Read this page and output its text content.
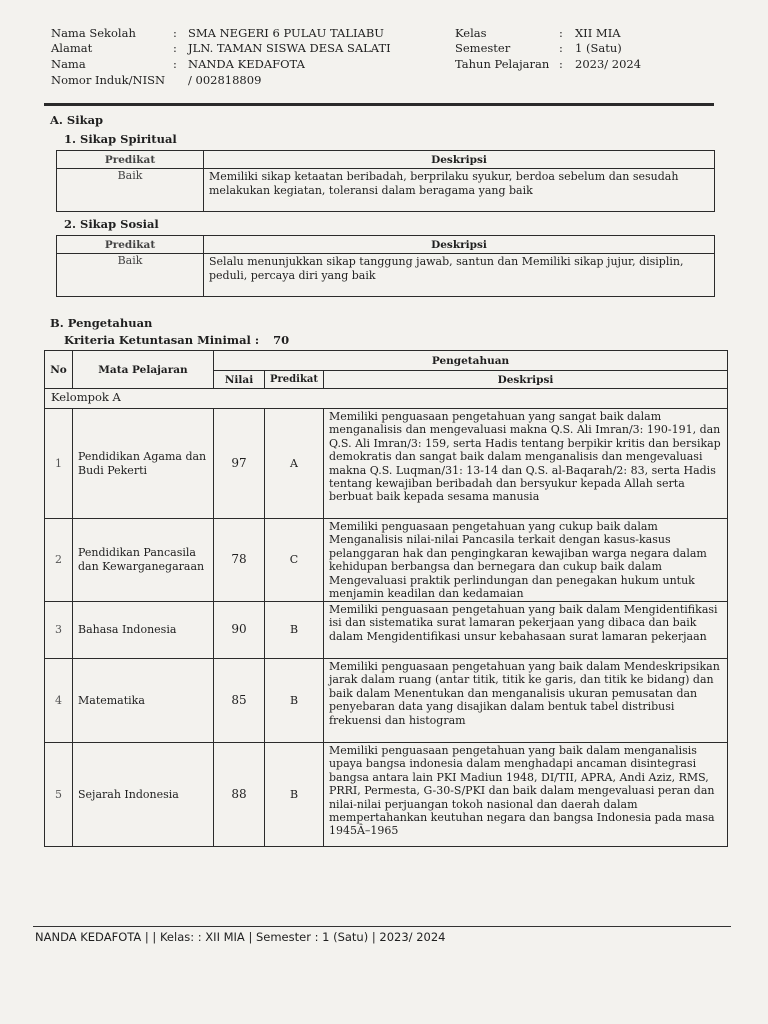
Nama Sekolah	: SMA NEGERI 6 PULAU TALIABU
Alamat	: JLN. TAMAN SISWA DESA SALATI
Nama	: NANDA KEDAFOTA
Nomor Induk/NISN / 002818809
Kelas	: XII MIA
Semester	: 1 (Satu)
Tahun Pelajaran : 2023/ 2024
A. Sikap
1. Sikap Spiritual
Predikat	Deskripsi
Baik	Memiliki sikap ketaatan beribadah, berprilaku syukur, berdoa sebelum dan sesudah melakukan kegiatan, toleransi dalam beragama yang baik
2. Sikap Sosial
Predikat	Deskripsi
Baik	Selalu menunjukkan sikap tanggung jawab, santun dan Memiliki sikap jujur, disiplin, peduli, percaya diri yang baik
B. Pengetahuan
Kriteria Ketuntasan Minimal : 70
No	Mata Pelajaran	Pengetahuan		
		Nilai	Predikat	Deskripsi
Kelompok A				
1	Pendidikan Agama dan Budi Pekerti	97	A	Memiliki penguasaan pengetahuan yang sangat baik dalam menganalisis dan mengevaluasi makna Q.S. Ali Imran/3: 190-191, dan Q.S. Ali Imran/3: 159, serta Hadis tentang berpikir kritis dan bersikap demokratis dan sangat baik dalam menganalisis dan mengevaluasi makna Q.S. Luqman/31: 13-14 dan Q.S. al-Baqarah/2: 83, serta Hadis tentang kewajiban beribadah dan bersyukur kepada Allah serta berbuat baik kepada sesama manusia
2	Pendidikan Pancasila dan Kewarganegaraan	78	C	Memiliki penguasaan pengetahuan yang cukup baik dalam Menganalisis nilai-nilai Pancasila terkait dengan kasus-kasus pelanggaran hak dan pengingkaran kewajiban warga negara dalam kehidupan berbangsa dan bernegara dan cukup baik dalam Mengevaluasi praktik perlindungan dan penegakan hukum untuk menjamin keadilan dan kedamaian
3	Bahasa Indonesia	90	B	Memiliki penguasaan pengetahuan yang baik dalam Mengidentifikasi isi dan sistematika surat lamaran pekerjaan yang dibaca dan baik dalam Mengidentifikasi unsur kebahasaan surat lamaran pekerjaan
4	Matematika	85	B	Memiliki penguasaan pengetahuan yang baik dalam Mendeskripsikan jarak dalam ruang (antar titik, titik ke garis, dan titik ke bidang) dan baik dalam Menentukan dan menganalisis ukuran pemusatan dan penyebaran data yang disajikan dalam bentuk tabel distribusi frekuensi dan histogram
5	Sejarah Indonesia	88	B	Memiliki penguasaan pengetahuan yang baik dalam menganalisis upaya bangsa indonesia dalam menghadapi ancaman disintegrasi bangsa antara lain PKI Madiun 1948, DI/TII, APRA, Andi Aziz, RMS, PRRI, Permesta, G-30-S/PKI dan baik dalam mengevaluasi peran dan nilai-nilai perjuangan tokoh nasional dan daerah dalam mempertahankan keutuhan negara dan bangsa Indonesia pada masa 1945Â–1965
NANDA KEDAFOTA | | Kelas: : XII MIA | Semester : 1 (Satu) | 2023/ 2024
